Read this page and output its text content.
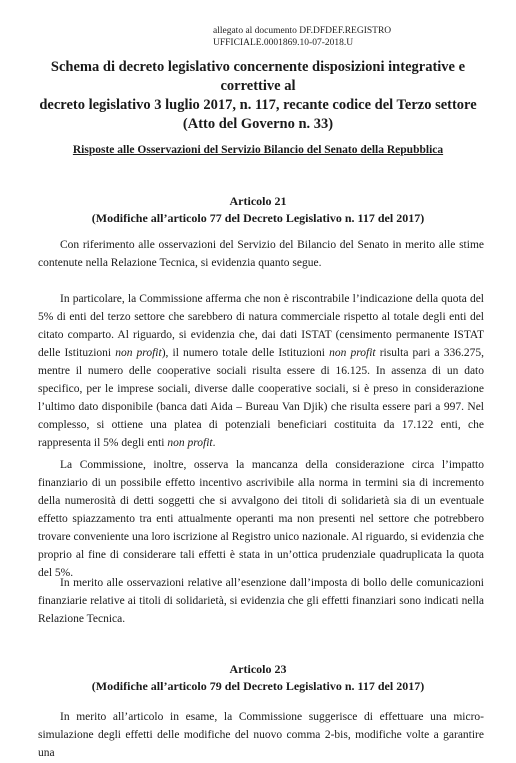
allegato al documento DF.DFDEF.REGISTRO
UFFICIALE.0001869.10-07-2018.U
Schema di decreto legislativo concernente disposizioni integrative e correttive al
decreto legislativo 3 luglio 2017, n. 117, recante codice del Terzo settore
(Atto del Governo n. 33)
Risposte alle Osservazioni del Servizio Bilancio del Senato della Repubblica
Articolo 21
(Modifiche all’articolo 77 del Decreto Legislativo n. 117 del 2017)
Con riferimento alle osservazioni del Servizio del Bilancio del Senato in merito alle stime contenute nella Relazione Tecnica, si evidenzia quanto segue.
In particolare, la Commissione afferma che non è riscontrabile l’indicazione della quota del 5% di enti del terzo settore che sarebbero di natura commerciale rispetto al totale degli enti del citato comparto. Al riguardo, si evidenzia che, dai dati ISTAT (censimento permanente ISTAT delle Istituzioni non profit), il numero totale delle Istituzioni non profit risulta pari a 336.275, mentre il numero delle cooperative sociali risulta essere di 16.125. In assenza di un dato specifico, per le imprese sociali, diverse dalle cooperative sociali, si è preso in considerazione l’ultimo dato disponibile (banca dati Aida – Bureau Van Djik) che risulta essere pari a 997. Nel complesso, si ottiene una platea di potenziali beneficiari costituita da 17.122 enti, che rappresenta il 5% degli enti non profit.
La Commissione, inoltre, osserva la mancanza della considerazione circa l’impatto finanziario di un possibile effetto incentivo ascrivibile alla norma in termini sia di incremento della numerosità di detti soggetti che si avvalgono dei titoli di solidarietà sia di un eventuale effetto spiazzamento tra enti attualmente operanti ma non presenti nel settore che potrebbero trovare conveniente una loro iscrizione al Registro unico nazionale. Al riguardo, si evidenzia che proprio al fine di considerare tali effetti è stata in un’ottica prudenziale quadruplicata la quota del 5%.
In merito alle osservazioni relative all’esenzione dall’imposta di bollo delle comunicazioni finanziarie relative ai titoli di solidarietà, si evidenzia che gli effetti finanziari sono indicati nella Relazione Tecnica.
Articolo 23
(Modifiche all’articolo 79 del Decreto Legislativo n. 117 del 2017)
In merito all’articolo in esame, la Commissione suggerisce di effettuare una micro-simulazione degli effetti delle modifiche del nuovo comma 2-bis, modifiche volte a garantire una
